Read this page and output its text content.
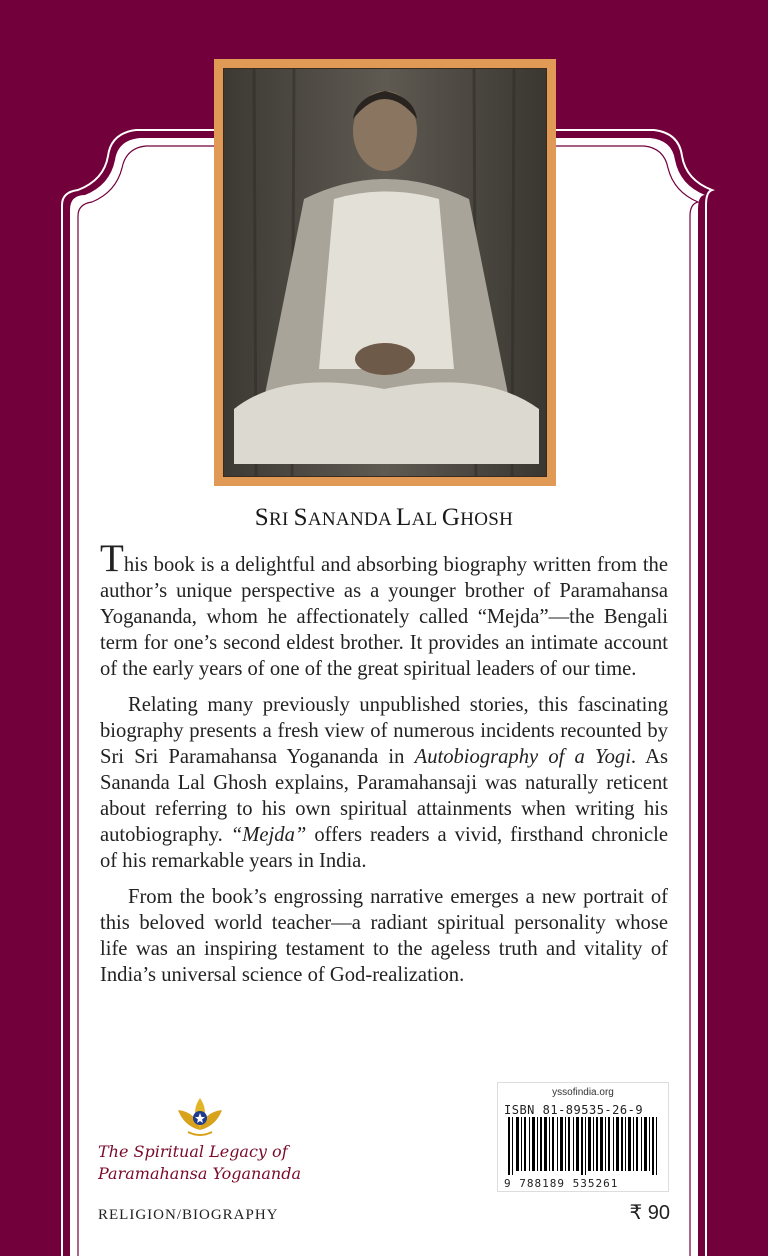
SRI SANANDA LAL GHOSH

This book is a delightful and absorbing biography written from the author’s unique perspective as a younger brother of Paramahansa Yogananda, whom he affectionately called “Mejda”—the Bengali term for one’s second eldest brother. It provides an intimate account of the early years of one of the great spiritual leaders of our time.

Relating many previously unpublished stories, this fascinating biography presents a fresh view of numerous incidents recounted by Sri Sri Paramahansa Yogananda in Autobiography of a Yogi. As Sananda Lal Ghosh explains, Paramahansaji was naturally reticent about referring to his own spiritual attainments when writing his autobiography. “Mejda” offers readers a vivid, firsthand chronicle of his remarkable years in India.

From the book’s engrossing narrative emerges a new portrait of this beloved world teacher—a radiant spiritual personality whose life was an inspiring testament to the ageless truth and vitality of India’s universal science of God-realization.

The Spiritual Legacy of
Paramahansa Yogananda
yssofindia.org
ISBN 81-89535-26-9
9 788189 535261
RELIGION/BIOGRAPHY	₹ 90
